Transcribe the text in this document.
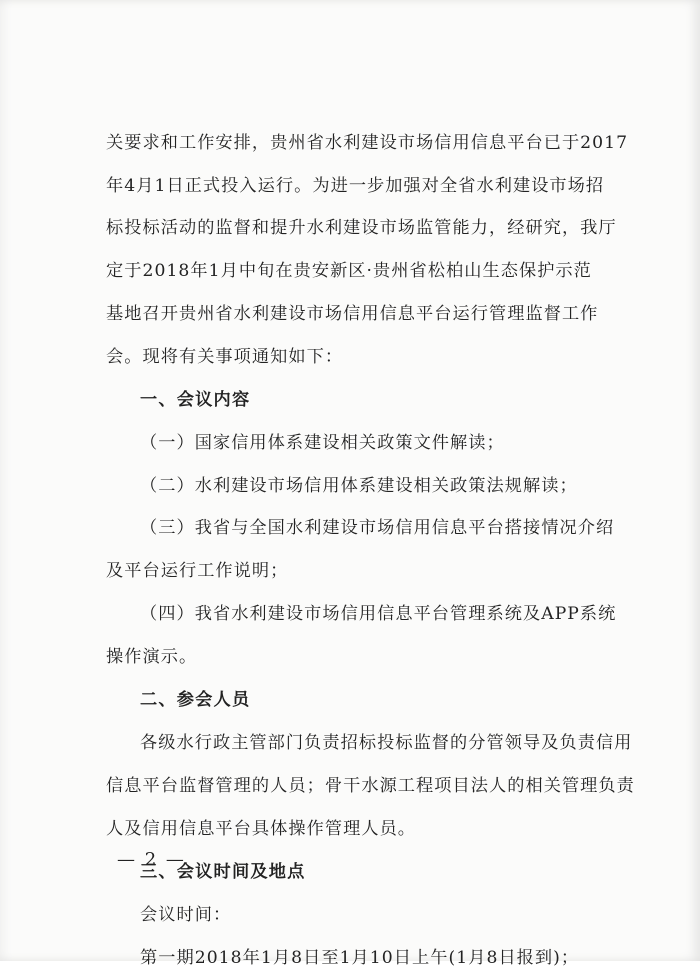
关要求和工作安排，贵州省水利建设市场信用信息平台已于2017
年4月1日正式投入运行。为进一步加强对全省水利建设市场招
标投标活动的监督和提升水利建设市场监管能力，经研究，我厅
定于2018年1月中旬在贵安新区·贵州省松柏山生态保护示范
基地召开贵州省水利建设市场信用信息平台运行管理监督工作
会。现将有关事项通知如下：
一、会议内容
（一）国家信用体系建设相关政策文件解读；
（二）水利建设市场信用体系建设相关政策法规解读；
（三）我省与全国水利建设市场信用信息平台搭接情况介绍
及平台运行工作说明；
（四）我省水利建设市场信用信息平台管理系统及APP系统
操作演示。
二、参会人员
各级水行政主管部门负责招标投标监督的分管领导及负责信用
信息平台监督管理的人员；骨干水源工程项目法人的相关管理负责
人及信用信息平台具体操作管理人员。
三、会议时间及地点
会议时间：
第一期2018年1月8日至1月10日上午(1月8日报到)；
— 2 —
